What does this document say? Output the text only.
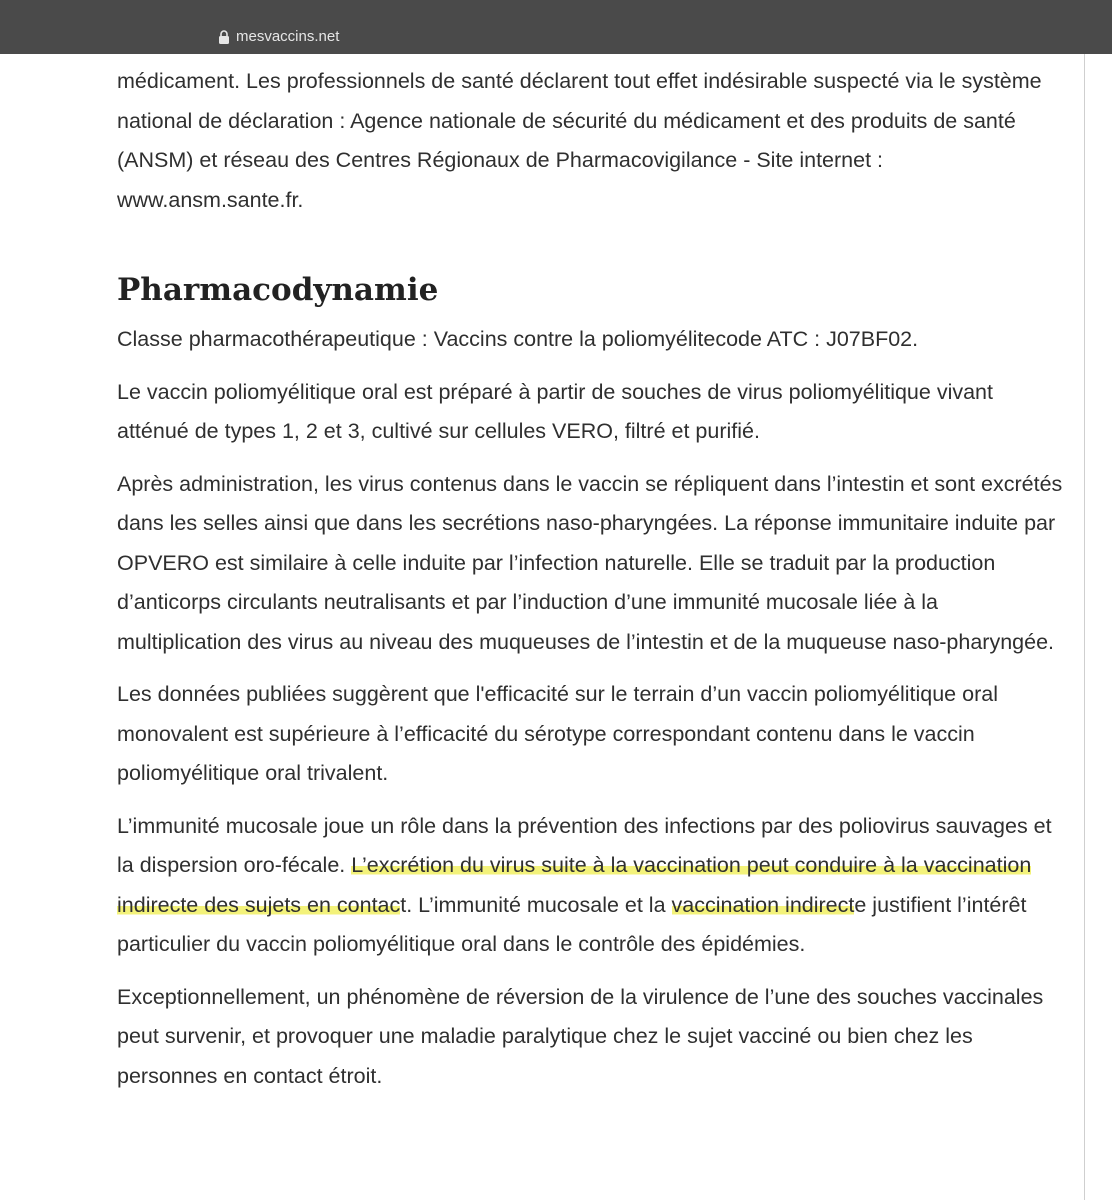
mesvaccins.net

médicament. Les professionnels de santé déclarent tout effet indésirable suspecté via le système national de déclaration : Agence nationale de sécurité du médicament et des produits de santé (ANSM) et réseau des Centres Régionaux de Pharmacovigilance - Site internet : www.ansm.sante.fr.

Pharmacodynamie

Classe pharmacothérapeutique : Vaccins contre la poliomyélitecode ATC : J07BF02.

Le vaccin poliomyélitique oral est préparé à partir de souches de virus poliomyélitique vivant atténué de types 1, 2 et 3, cultivé sur cellules VERO, filtré et purifié.

Après administration, les virus contenus dans le vaccin se répliquent dans l’intestin et sont excrétés dans les selles ainsi que dans les secrétions naso-pharyngées. La réponse immunitaire induite par OPVERO est similaire à celle induite par l’infection naturelle. Elle se traduit par la production d’anticorps circulants neutralisants et par l’induction d’une immunité mucosale liée à la multiplication des virus au niveau des muqueuses de l’intestin et de la muqueuse naso-pharyngée.

Les données publiées suggèrent que l'efficacité sur le terrain d’un vaccin poliomyélitique oral monovalent est supérieure à l’efficacité du sérotype correspondant contenu dans le vaccin poliomyélitique oral trivalent.

L’immunité mucosale joue un rôle dans la prévention des infections par des poliovirus sauvages et la dispersion oro-fécale. L’excrétion du virus suite à la vaccination peut conduire à la vaccination indirecte des sujets en contact. L’immunité mucosale et la vaccination indirecte justifient l’intérêt particulier du vaccin poliomyélitique oral dans le contrôle des épidémies.

Exceptionnellement, un phénomène de réversion de la virulence de l’une des souches vaccinales peut survenir, et provoquer une maladie paralytique chez le sujet vacciné ou bien chez les personnes en contact étroit.
